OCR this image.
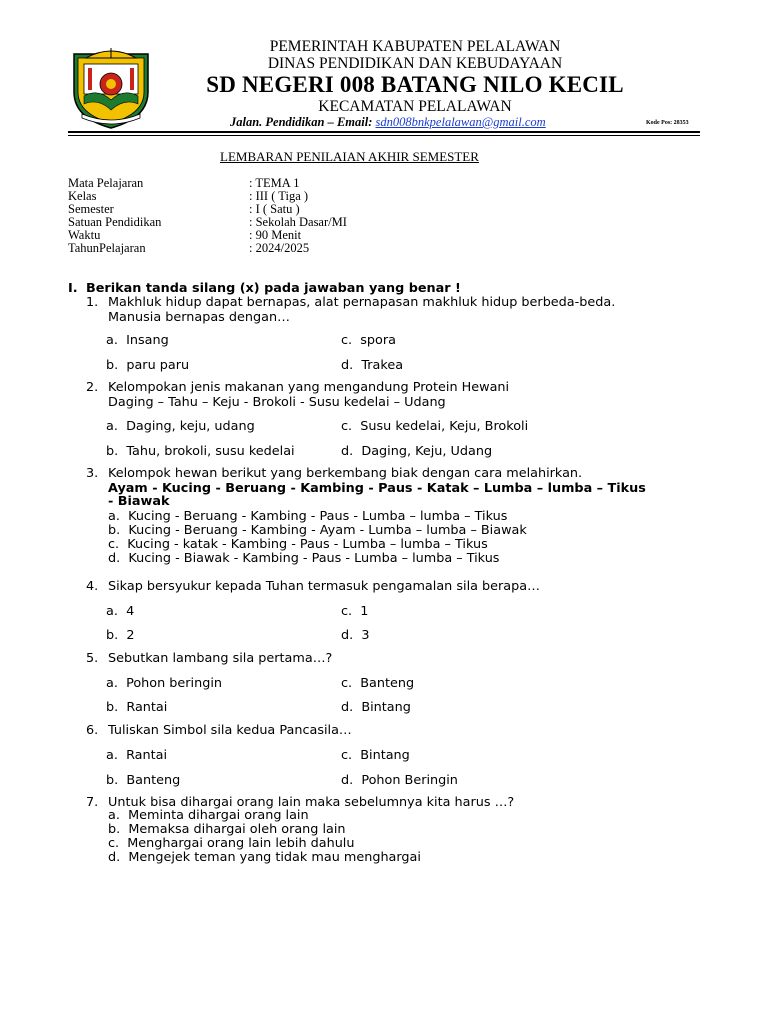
PEMERINTAH KABUPATEN PELALAWAN
DINAS PENDIDIKAN DAN KEBUDAYAAN
SD NEGERI 008 BATANG NILO KECIL
KECAMATAN PELALAWAN
Jalan. Pendidikan – Email: sdn008bnkpelalawan@gmail.com	Kode Pos: 28353
LEMBARAN PENILAIAN AKHIR SEMESTER
Mata Pelajaran	: TEMA 1
Kelas	: III ( Tiga )
Semester	: I ( Satu )
Satuan Pendidikan	: Sekolah Dasar/MI
Waktu	: 90 Menit
TahunPelajaran	: 2024/2025
I. Berikan tanda silang (x) pada jawaban yang benar !
1. Makhluk hidup dapat bernapas, alat pernapasan makhluk hidup berbeda-beda.
Manusia bernapas dengan…
a. Insang
b. paru paru
c. spora
d. Trakea
2. Kelompokan jenis makanan yang mengandung Protein Hewani
Daging – Tahu – Keju - Brokoli - Susu kedelai – Udang
a. Daging, keju, udang
b. Tahu, brokoli, susu kedelai
c. Susu kedelai, Keju, Brokoli
d. Daging, Keju, Udang
3. Kelompok hewan berikut yang berkembang biak dengan cara melahirkan.
Ayam - Kucing - Beruang - Kambing - Paus - Katak – Lumba – lumba – Tikus
- Biawak
a. Kucing - Beruang - Kambing - Paus - Lumba – lumba – Tikus
b. Kucing - Beruang - Kambing - Ayam - Lumba – lumba – Biawak
c. Kucing - katak - Kambing - Paus - Lumba – lumba – Tikus
d. Kucing - Biawak - Kambing - Paus - Lumba – lumba – Tikus
4. Sikap bersyukur kepada Tuhan termasuk pengamalan sila berapa…
a. 4
b. 2
c. 1
d. 3
5. Sebutkan lambang sila pertama…?
a. Pohon beringin
b. Rantai
c. Banteng
d. Bintang
6. Tuliskan Simbol sila kedua Pancasila…
a. Rantai
b. Banteng
c. Bintang
d. Pohon Beringin
7. Untuk bisa dihargai orang lain maka sebelumnya kita harus …?
a. Meminta dihargai orang lain
b. Memaksa dihargai oleh orang lain
c. Menghargai orang lain lebih dahulu
d. Mengejek teman yang tidak mau menghargai
